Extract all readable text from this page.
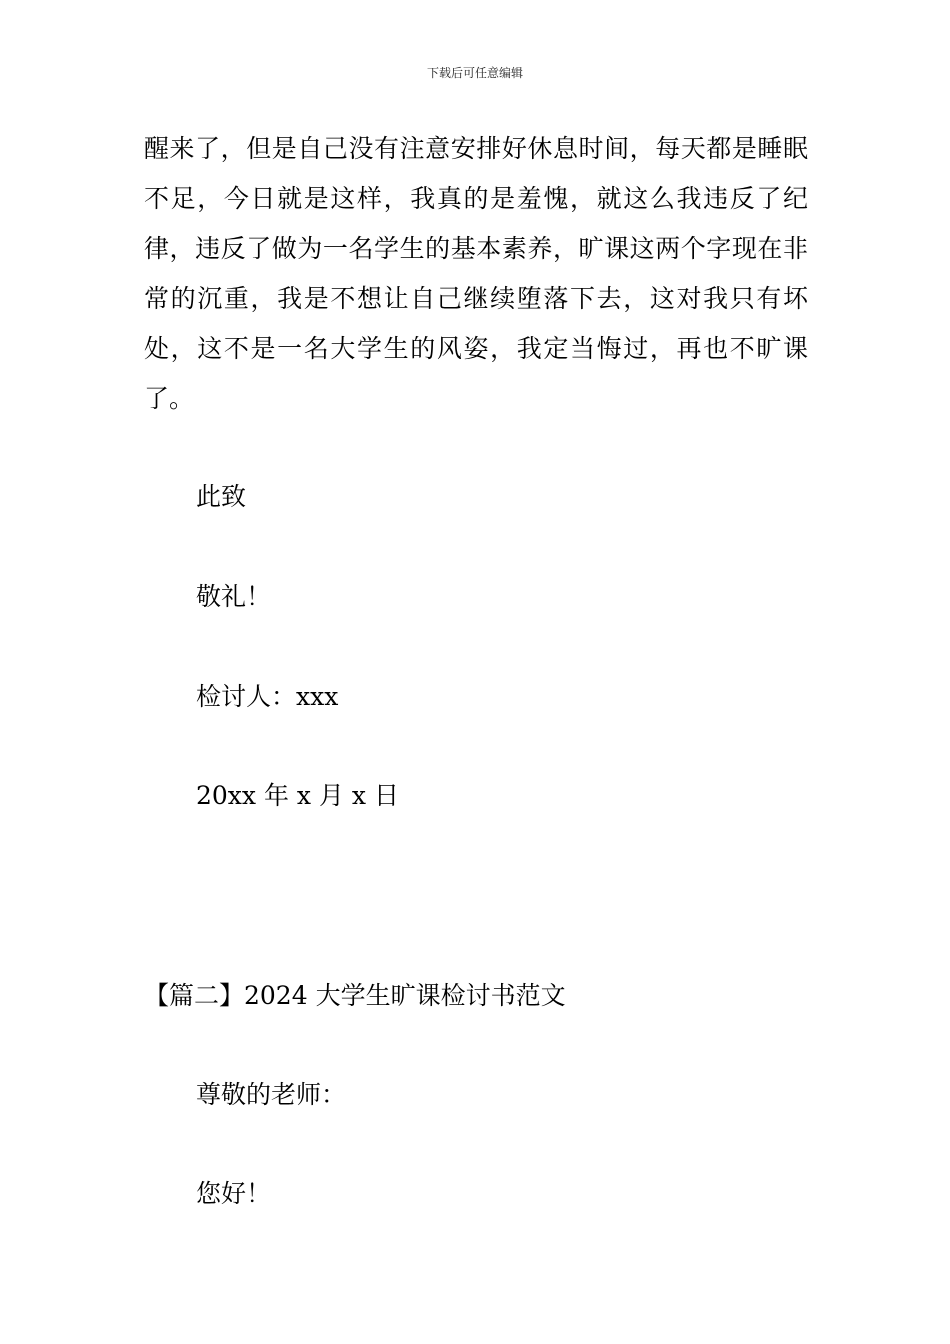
下载后可任意编辑

醒来了，但是自己没有注意安排好休息时间，每天都是睡眠不足，今日就是这样，我真的是羞愧，就这么我违反了纪律，违反了做为一名学生的基本素养，旷课这两个字现在非常的沉重，我是不想让自己继续堕落下去，这对我只有坏处，这不是一名大学生的风姿，我定当悔过，再也不旷课了。

此致

敬礼！

检讨人：xxx

20xx 年 x 月 x 日

【篇二】2024 大学生旷课检讨书范文

尊敬的老师：

您好！
